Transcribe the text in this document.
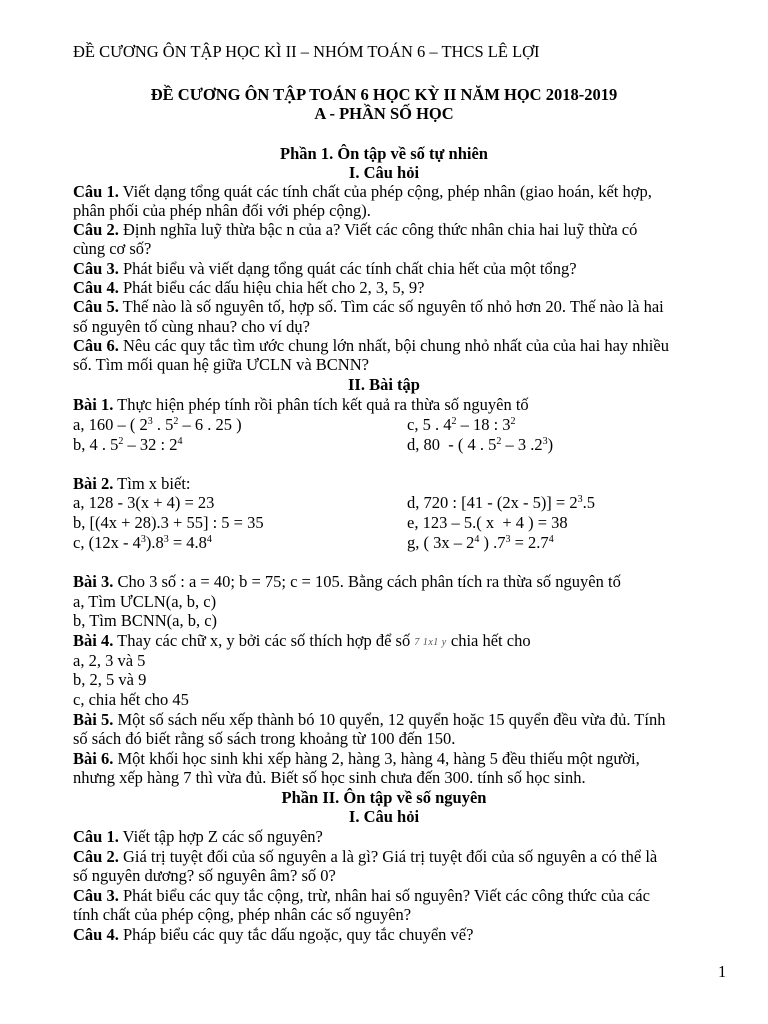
ĐỀ CƯƠNG ÔN TẬP HỌC KÌ II – NHÓM TOÁN 6 – THCS LÊ LỢI
ĐỀ CƯƠNG ÔN TẬP TOÁN 6 HỌC KỲ II NĂM HỌC 2018-2019
A - PHẦN SỐ HỌC
Phần 1. Ôn tập về số tự nhiên
I. Câu hỏi
Câu 1. Viết dạng tổng quát các tính chất của phép cộng, phép nhân (giao hoán, kết hợp,
phân phối của phép nhân đối với phép cộng).
Câu 2. Định nghĩa luỹ thừa bậc n của a? Viết các công thức nhân chia hai luỹ thừa có
cùng cơ số?
Câu 3. Phát biểu và viết dạng tổng quát các tính chất chia hết của một tổng?
Câu 4. Phát biểu các dấu hiệu chia hết cho 2, 3, 5, 9?
Câu 5. Thế nào là số nguyên tố, hợp số. Tìm các số nguyên tố nhỏ hơn 20. Thế nào là hai
số nguyên tố cùng nhau? cho ví dụ?
Câu 6. Nêu các quy tắc tìm ước chung lớn nhất, bội chung nhỏ nhất của của hai hay nhiều
số. Tìm mối quan hệ giữa ƯCLN và BCNN?
II. Bài tập
Bài 1. Thực hiện phép tính rồi phân tích kết quả ra thừa số nguyên tố
a, 160 – ( $2^3$ . $5^2 - 6$ . 25 )	c, 5 . $4^2 - 18$ : $3^2$
b, 4 . $5^2 - 32$ : $2^4$	d, 80  - ( 4 . $5^2 - 3$ $.2^3$)
Bài 2. Tìm x biết:
a, 128 - 3(x + 4) = 23	d, 720 : $[41 - (2x - 5)] = 2^3.5$
b, [(4x + 28).3 + 55] : 5 = 35	e, 123 – 5.( x  + 4 ) = 38
c, $(12x - 4^3).8^3 = 4.8^4$	g, ( $3x - 2^4$ ) $.7^3 = 2.7^4$
Bài 3. Cho 3 số : a = 40; b = 75; c = 105. Bằng cách phân tích ra thừa số nguyên tố
a, Tìm ƯCLN(a, b, c)
b, Tìm BCNN(a, b, c)
Bài 4. Thay các chữ x, y bởi các số thích hợp để số 7 1x1 y chia hết cho
a, 2, 3 và 5
b, 2, 5 và 9
c, chia hết cho 45
Bài 5. Một số sách nếu xếp thành bó 10 quyển, 12 quyển hoặc 15 quyển đều vừa đủ. Tính
số sách đó biết rằng số sách trong khoảng từ 100 đến 150.
Bài 6. Một khối học sinh khi xếp hàng 2, hàng 3, hàng 4, hàng 5 đều thiếu một người,
nhưng xếp hàng 7 thì vừa đủ. Biết số học sinh chưa đến 300. tính số học sinh.
Phần II. Ôn tập về số nguyên
I. Câu hỏi
Câu 1. Viết tập hợp Z các số nguyên?
Câu 2. Giá trị tuyệt đối của số nguyên a là gì? Giá trị tuyệt đối của số nguyên a có thể là
số nguyên dương? số nguyên âm? số 0?
Câu 3. Phát biểu các quy tắc cộng, trừ, nhân hai số nguyên? Viết các công thức của các
tính chất của phép cộng, phép nhân các số nguyên?
Câu 4. Pháp biểu các quy tắc dấu ngoặc, quy tắc chuyển vế?
1
